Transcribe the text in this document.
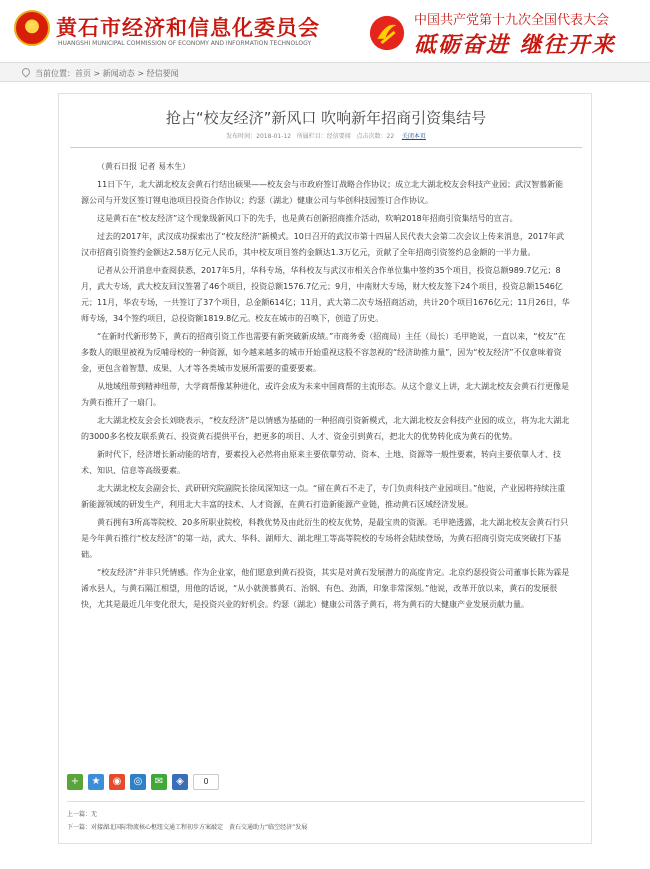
★
黄石市经济和信息化委员会
HUANGSHI MUNICIPAL COMMISSION OF ECONOMY AND INFORMATION TECHNOLOGY
中国共产党第十九次全国代表大会
砥砺奋进 继往开来
当前位置：首页 > 新闻动态 > 经信要闻
抢占“校友经济”新风口 吹响新年招商引资集结号
发布时间：2018-01-12 所属栏目：经信要闻 点击次数：22 关闭本页

（黄石日报 记者 易木生）

11日下午，北大湖北校友会黄石行结出硕果——校友会与市政府签订战略合作协议；成立北大湖北校友会科技产业园；武汉智慕新能源公司与开发区签订锂电池项目投资合作协议；约瑟（湖北）健康公司与华创科技园签订合作协议。

这是黄石在“校友经济”这个现象级新风口下的先手，也是黄石创新招商推介活动，吹响2018年招商引资集结号的宣言。

过去的2017年，武汉成功探索出了“校友经济”新模式。10日召开的武汉市第十四届人民代表大会第二次会议上传来消息，2017年武汉市招商引资签约金额达2.58万亿元人民币，其中校友项目签约金额达1.3万亿元，贡献了全年招商引资签约总金额的一半力量。

记者从公开消息中查阅获悉，2017年5月，华科专场，华科校友与武汉市相关合作单位集中签约35个项目，投资总额989.7亿元；8月，武大专场，武大校友回汉签署了46个项目，投资总额1576.7亿元；9月，中南财大专场，财大校友签下24个项目，投资总额1546亿元；11月，华农专场，一共签订了37个项目，总金额614亿；11月，武大第二次专场招商活动，共计20个项目1676亿元；11月26日，华师专场，34个签约项目，总投资额1819.8亿元。校友在城市的召唤下，创造了历史。

“在新时代新形势下，黄石的招商引资工作也需要有新突破新成绩。”市商务委（招商局）主任（局长）毛甲艳说，一直以来，“校友”在多数人的眼里被视为反哺母校的一种资源，如今越来越多的城市开始重视这股不容忽视的“经济助推力量”，因为“校友经济”不仅意味着资金，更包含着智慧、成果、人才等各类城市发展所需要的重要要素。

从地域纽带到精神纽带，大学商帮像某种进化，或许会成为未来中国商帮的主流形态。从这个意义上讲，北大湖北校友会黄石行更像是为黄石推开了一扇门。

北大湖北校友会会长刘晓表示，“校友经济”是以情感为基础的一种招商引资新模式，北大湖北校友会科技产业园的成立，将为北大湖北的3000多名校友联系黄石、投资黄石提供平台，把更多的项目、人才、资金引到黄石，把北大的优势转化成为黄石的优势。

新时代下，经济增长新动能的培育，要素投入必然将由原来主要依靠劳动、资本、土地、资源等一般性要素，转向主要依靠人才、技术、知识、信息等高级要素。

北大湖北校友会副会长、武研研究院副院长徐凤深知这一点。“留在黄石不走了，专门负责科技产业园项目。”他说，产业园将持续注重新能源领域的研发生产，利用北大丰富的技术、人才资源，在黄石打造新能源产业链，推动黄石区域经济发展。

黄石拥有3所高等院校、20多所职业院校，科教优势及由此衍生的校友优势，是最宝贵的资源。毛甲艳透露，北大湖北校友会黄石行只是今年黄石推行“校友经济”的第一站，武大、华科、湖师大、湖北理工等高等院校的专场将会陆续登场，为黄石招商引资完成突破打下基础。

“校友经济”并非只凭情感。作为企业家，他们愿意到黄石投资，其实是对黄石发展潜力的高度肯定。北京约瑟投资公司董事长陈为霖是浠水县人，与黄石隔江相望，用他的话说，“从小就羡慕黄石、治钢、有色、劲酒，印象非常深刻。”他说，改革开放以来，黄石的发展很快，尤其是最近几年变化很大，是投资兴业的好机会。约瑟（湖北）健康公司落子黄石，将为黄石的大健康产业发展贡献力量。

+	★	◉	◎	✉	◈	0
上一篇：无
下一篇：对接湖北国际物流核心枢纽交通工程初步方案敲定　黄石交通助力“临空经济”发展
